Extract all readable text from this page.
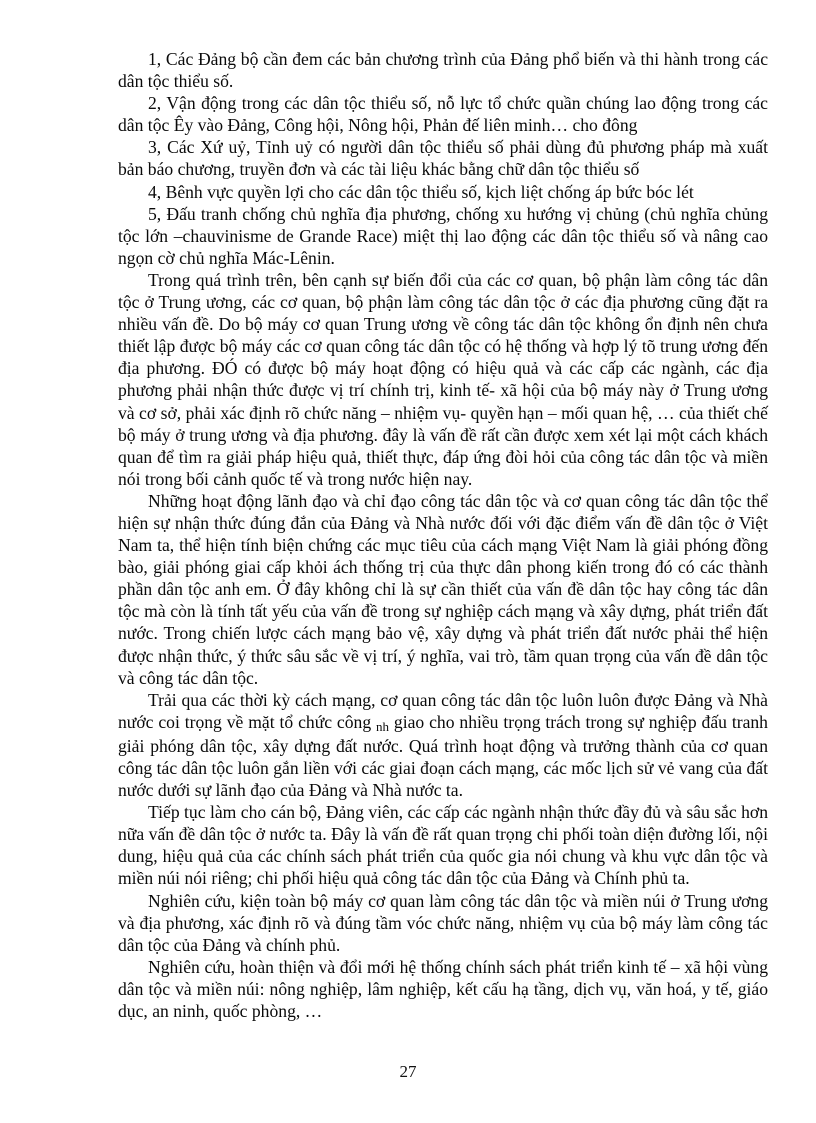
1, Các Đảng bộ cần đem các bản chương trình của Đảng phổ biến và thi hành trong các dân tộc thiểu số.

2, Vận động trong các dân tộc thiểu số, nỗ lực tổ chức quần chúng lao động trong các dân tộc Êy vào Đảng, Công hội, Nông hội, Phản đế liên minh… cho đông

3, Các Xứ uỷ, Tỉnh uỷ có người dân tộc thiểu số phải dùng đủ phương pháp mà xuất bản báo chương, truyền đơn và các tài liệu khác bằng chữ dân tộc thiểu số

4, Bênh vực quyền lợi cho các dân tộc thiểu số, kịch liệt chống áp bức bóc lét

5, Đấu tranh chống chủ nghĩa địa phương, chống xu hướng vị chủng (chủ nghĩa chủng tộc lớn –chauvinisme de Grande Race) miệt thị lao động các dân tộc thiểu số và nâng cao ngọn cờ chủ nghĩa Mác-Lênin.

Trong quá trình trên, bên cạnh sự biến đổi của các cơ quan, bộ phận làm công tác dân tộc ở Trung ương, các cơ quan, bộ phận làm công tác dân tộc ở các địa phương cũng đặt ra nhiều vấn đề. Do bộ máy cơ quan Trung ương về công tác dân tộc không ổn định nên chưa thiết lập được bộ máy các cơ quan công tác dân tộc có hệ thống và hợp lý tõ trung ương đến địa phương. ĐÓ có được bộ máy hoạt động có hiệu quả và các cấp các ngành, các địa phương phải nhận thức được vị trí chính trị, kinh tế- xã hội của bộ máy này ở Trung ương và cơ sở, phải xác định rõ chức năng – nhiệm vụ- quyền hạn – mối quan hệ, … của thiết chế bộ máy ở trung ương và địa phương. đây là vấn đề rất cần được xem xét lại một cách khách quan để tìm ra giải pháp hiệu quả, thiết thực, đáp ứng đòi hỏi của công tác dân tộc và miền nói trong bối cảnh quốc tế và trong nước hiện nay.

Những hoạt động lãnh đạo và chỉ đạo công tác dân tộc và cơ quan công tác dân tộc thể hiện sự nhận thức đúng đắn của Đảng và Nhà nước đối với đặc điểm vấn đề dân tộc ở Việt Nam ta, thể hiện tính biện chứng các mục tiêu của cách mạng Việt Nam là giải phóng đồng bào, giải phóng giai cấp khỏi ách thống trị của thực dân phong kiến trong đó có các thành phần dân tộc anh em. Ở đây không chỉ là sự cần thiết của vấn đề dân tộc hay công tác dân tộc mà còn là tính tất yếu của vấn đề trong sự nghiệp cách mạng và xây dựng, phát triển đất nước. Trong chiến lược cách mạng bảo vệ, xây dựng và phát triển đất nước phải thể hiện được nhận thức, ý thức sâu sắc về vị trí, ý nghĩa, vai trò, tầm quan trọng của vấn đề dân tộc và công tác dân tộc.

Trải qua các thời kỳ cách mạng, cơ quan công tác dân tộc luôn luôn được Đảng và Nhà nước coi trọng về mặt tổ chức công nh giao cho nhiều trọng trách trong sự nghiệp đấu tranh giải phóng dân tộc, xây dựng đất nước. Quá trình hoạt động và trưởng thành của cơ quan công tác dân tộc luôn gắn liền với các giai đoạn cách mạng, các mốc lịch sử vẻ vang của đất nước dưới sự lãnh đạo của Đảng và Nhà nước ta.

Tiếp tục làm cho cán bộ, Đảng viên, các cấp các ngành nhận thức đầy đủ và sâu sắc hơn nữa vấn đề dân tộc ở nước ta. Đây là vấn đề rất quan trọng chi phối toàn diện đường lối, nội dung, hiệu quả của các chính sách phát triển của quốc gia nói chung và khu vực dân tộc và miền núi nói riêng; chi phối hiệu quả công tác dân tộc của Đảng và Chính phủ ta.

Nghiên cứu, kiện toàn bộ máy cơ quan làm công tác dân tộc và miền núi ở Trung ương và địa phương, xác định rõ và đúng tầm vóc chức năng, nhiệm vụ của bộ máy làm công tác dân tộc của Đảng và chính phủ.

Nghiên cứu, hoàn thiện và đổi mới hệ thống chính sách phát triển kinh tế – xã hội vùng dân tộc và miền núi: nông nghiệp, lâm nghiệp, kết cấu hạ tầng, dịch vụ, văn hoá, y tế, giáo dục, an ninh, quốc phòng, …

27
